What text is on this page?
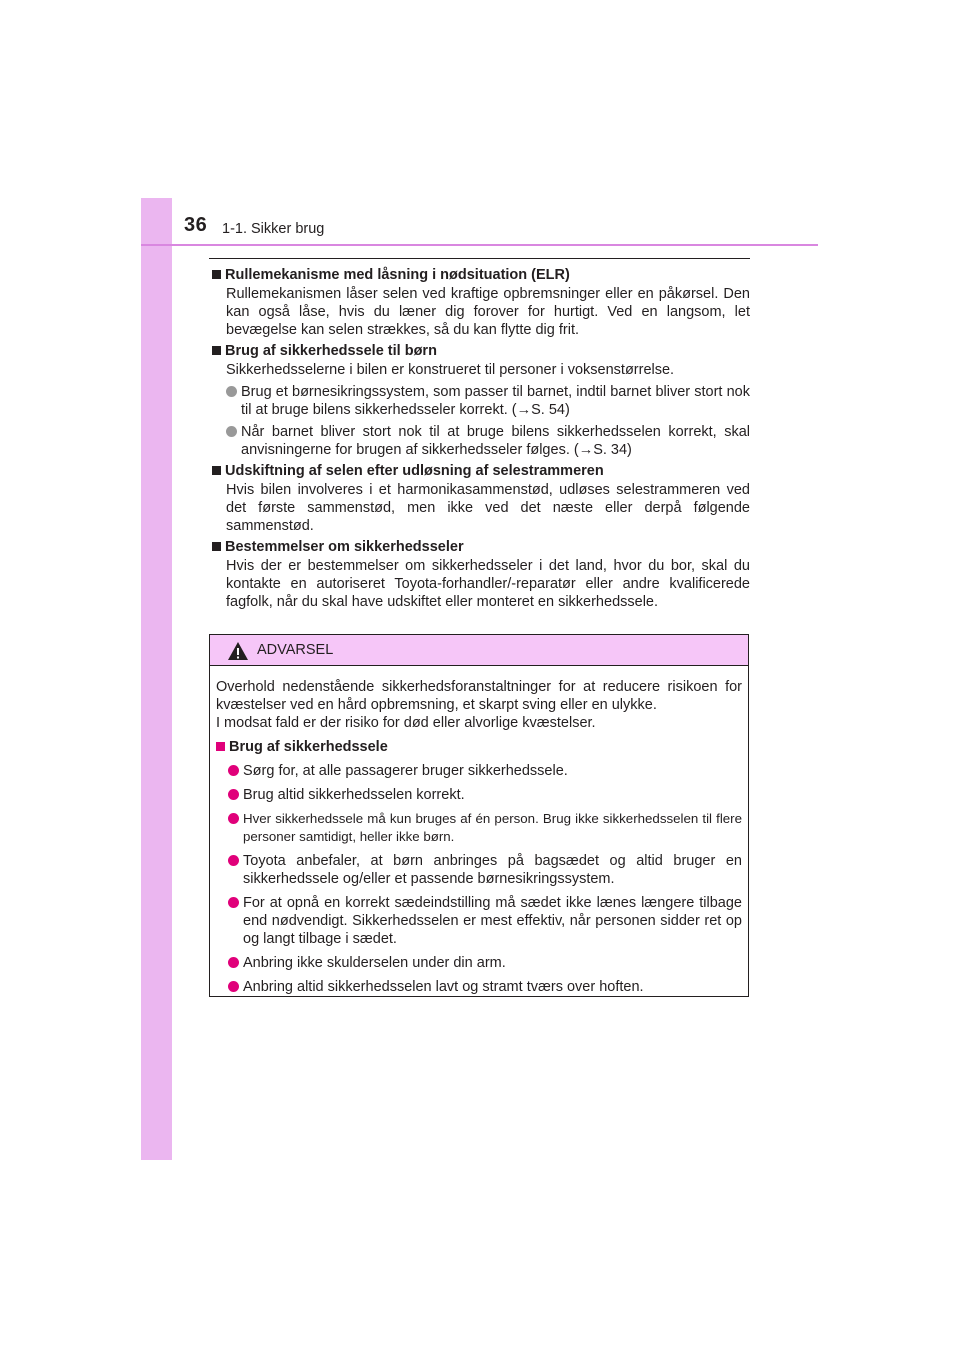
36 1-1. Sikker brug
Rullemekanisme med låsning i nødsituation (ELR)
Rullemekanismen låser selen ved kraftige opbremsninger eller en påkørsel. Den kan også låse, hvis du læner dig forover for hurtigt. Ved en langsom, let bevægelse kan selen strækkes, så du kan flytte dig frit.
Brug af sikkerhedssele til børn
Sikkerhedsselerne i bilen er konstrueret til personer i voksenstørrelse.
Brug et børnesikringssystem, som passer til barnet, indtil barnet bliver stort nok til at bruge bilens sikkerhedsseler korrekt. (→S. 54)
Når barnet bliver stort nok til at bruge bilens sikkerhedsselen korrekt, skal anvisningerne for brugen af sikkerhedsseler følges. (→S. 34)
Udskiftning af selen efter udløsning af selestrammeren
Hvis bilen involveres i et harmonikasammenstød, udløses selestrammeren ved det første sammenstød, men ikke ved det næste eller derpå følgende sammenstød.
Bestemmelser om sikkerhedsseler
Hvis der er bestemmelser om sikkerhedsseler i det land, hvor du bor, skal du kontakte en autoriseret Toyota-forhandler/-reparatør eller andre kvalificerede fagfolk, når du skal have udskiftet eller monteret en sikkerhedssele.
ADVARSEL
Overhold nedenstående sikkerhedsforanstaltninger for at reducere risikoen for kvæstelser ved en hård opbremsning, et skarpt sving eller en ulykke.
I modsat fald er der risiko for død eller alvorlige kvæstelser.
Brug af sikkerhedssele
Sørg for, at alle passagerer bruger sikkerhedssele.
Brug altid sikkerhedsselen korrekt.
Hver sikkerhedssele må kun bruges af én person. Brug ikke sikkerhedsselen til flere personer samtidigt, heller ikke børn.
Toyota anbefaler, at børn anbringes på bagsædet og altid bruger en sikkerhedssele og/eller et passende børnesikringssystem.
For at opnå en korrekt sædeindstilling må sædet ikke lænes længere tilbage end nødvendigt. Sikkerhedsselen er mest effektiv, når personen sidder ret op og langt tilbage i sædet.
Anbring ikke skulderselen under din arm.
Anbring altid sikkerhedsselen lavt og stramt tværs over hoften.
